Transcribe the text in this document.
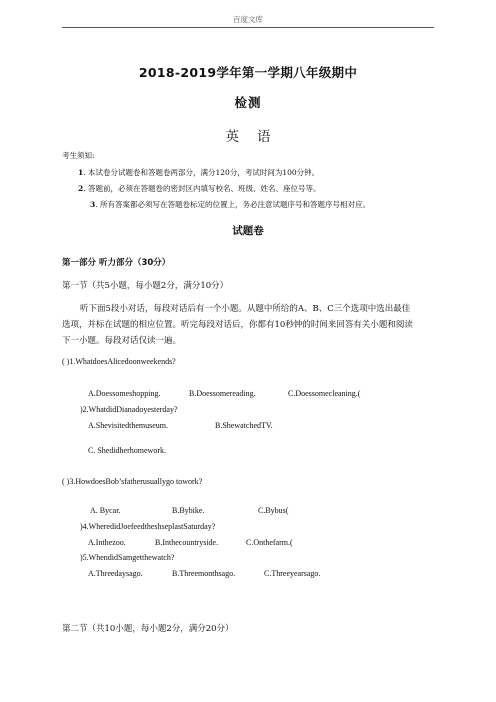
百度文库
2018-2019学年第一学期八年级期中
检测
英语
考生须知:
1. 本试卷分试题卷和答题卷两部分，满分120分，考试时间为100分钟。
2. 答题前，必须在答题卷的密封区内填写校名、班级、姓名、座位号等。
3. 所有答案都必须写在答题卷标定的位置上，务必注意试题序号和答题序号相对应。
试题卷
第一部分 听力部分（30分）
第一节（共5小题，每小题2分，满分10分）
听下面5段小对话，每段对话后有一个小题。从题中所给的A、B、C三个选项中选出最佳
选项，并标在试题的相应位置。听完每段对话后，你都有10秒钟的时间来回答有关小题和阅读
下一小题。每段对话仅读一遍。
( )1.WhatdoesAlicedoonweekends?
A.Doessomeshopping.	B.Doessomereading.	C.Doessomecleaning.(
)2.WhatdidDianadoyesterday?
A.Shevisitedthemuseum.	B.ShewatchedTV.
C. Shedidherhomework.
( )3.HowdoesBob’sfatherusuallygo towork?
A. Bycar.	B.Bybike.	C.Bybus(
)4.WheredidJoefeedtheshseplastSaturday?
A.Inthezoo.	B.Inthecountryside.	C.Onthefarm.(
)5.WhendidSamgetthewatch?
A.Threedaysago.	B.Threemonthsago.	C.Threeyearsago.
第二节（共10小题，每小题2分，满分20分）
